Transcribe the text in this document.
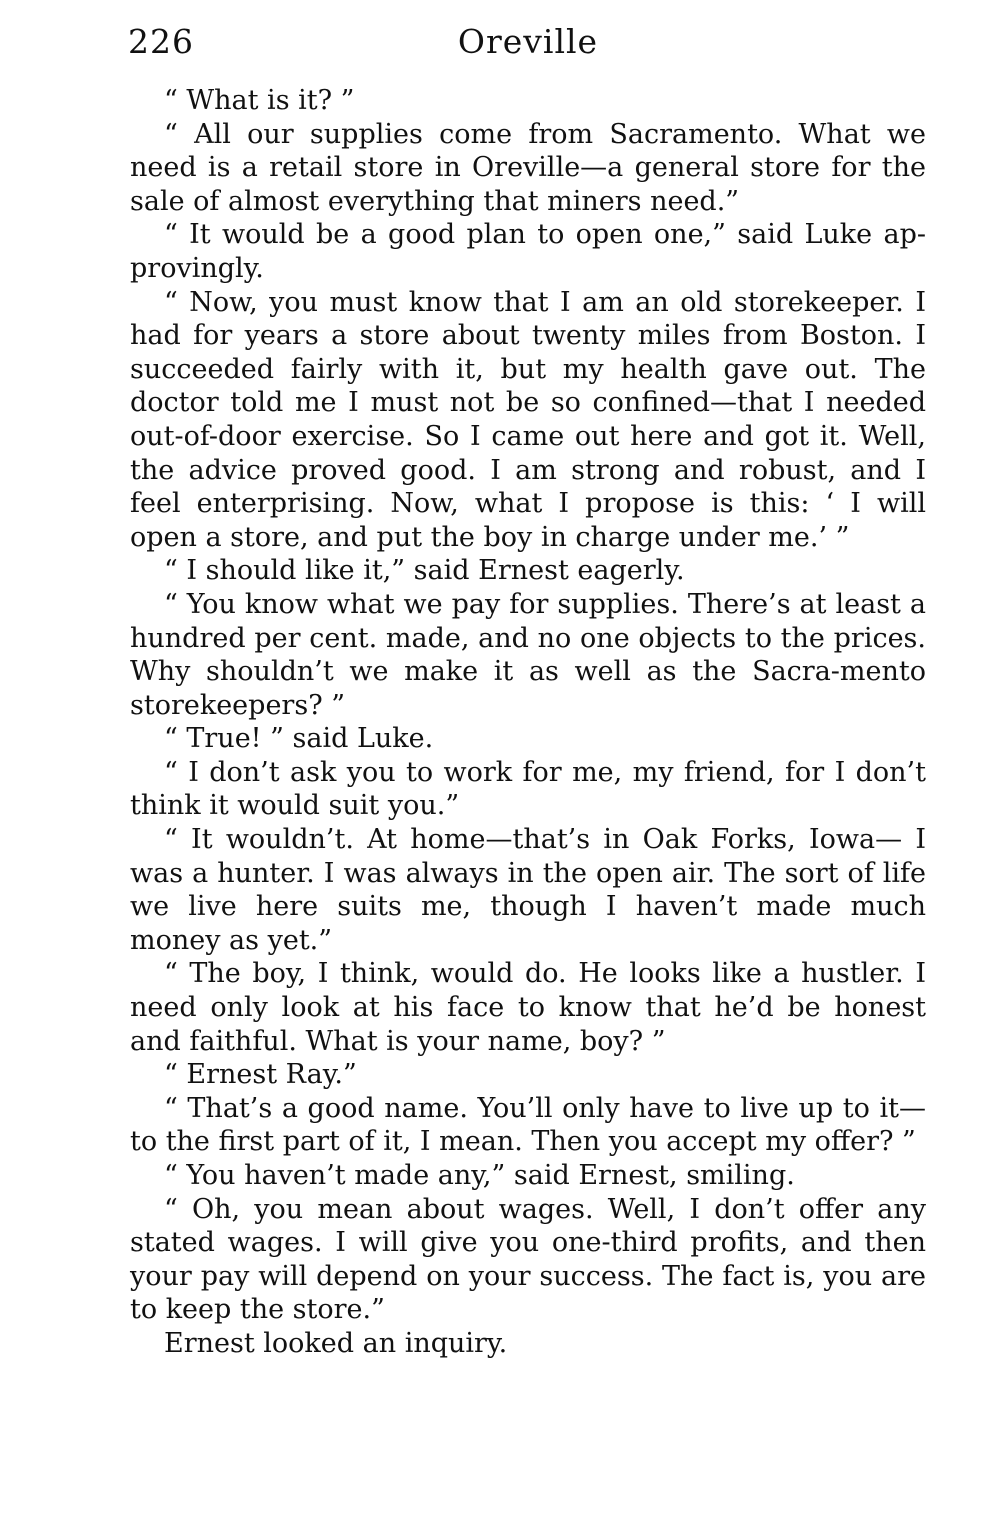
Oreville
226

“ What is it? ”

“ All our supplies come from Sacramento. What we need is a retail store in Oreville—a general store for the sale of almost everything that miners need.”

“ It would be a good plan to open one,” said Luke ap-provingly.

“ Now, you must know that I am an old storekeeper. I had for years a store about twenty miles from Boston. I succeeded fairly with it, but my health gave out. The doctor told me I must not be so confined—that I needed out-of-door exercise. So I came out here and got it. Well, the advice proved good. I am strong and robust, and I feel enterprising. Now, what I propose is this: ‘ I will open a store, and put the boy in charge under me.’ ”

“ I should like it,” said Ernest eagerly.

“ You know what we pay for supplies. There’s at least a hundred per cent. made, and no one objects to the prices. Why shouldn’t we make it as well as the Sacra-mento storekeepers? ”

“ True! ” said Luke.

“ I don’t ask you to work for me, my friend, for I don’t think it would suit you.”

“ It wouldn’t. At home—that’s in Oak Forks, Iowa— I was a hunter. I was always in the open air. The sort of life we live here suits me, though I haven’t made much money as yet.”

“ The boy, I think, would do. He looks like a hustler. I need only look at his face to know that he’d be honest and faithful. What is your name, boy? ”

“ Ernest Ray.”

“ That’s a good name. You’ll only have to live up to it—to the first part of it, I mean. Then you accept my offer? ”

“ You haven’t made any,” said Ernest, smiling.

“ Oh, you mean about wages. Well, I don’t offer any stated wages. I will give you one-third profits, and then your pay will depend on your success. The fact is, you are to keep the store.”

Ernest looked an inquiry.
